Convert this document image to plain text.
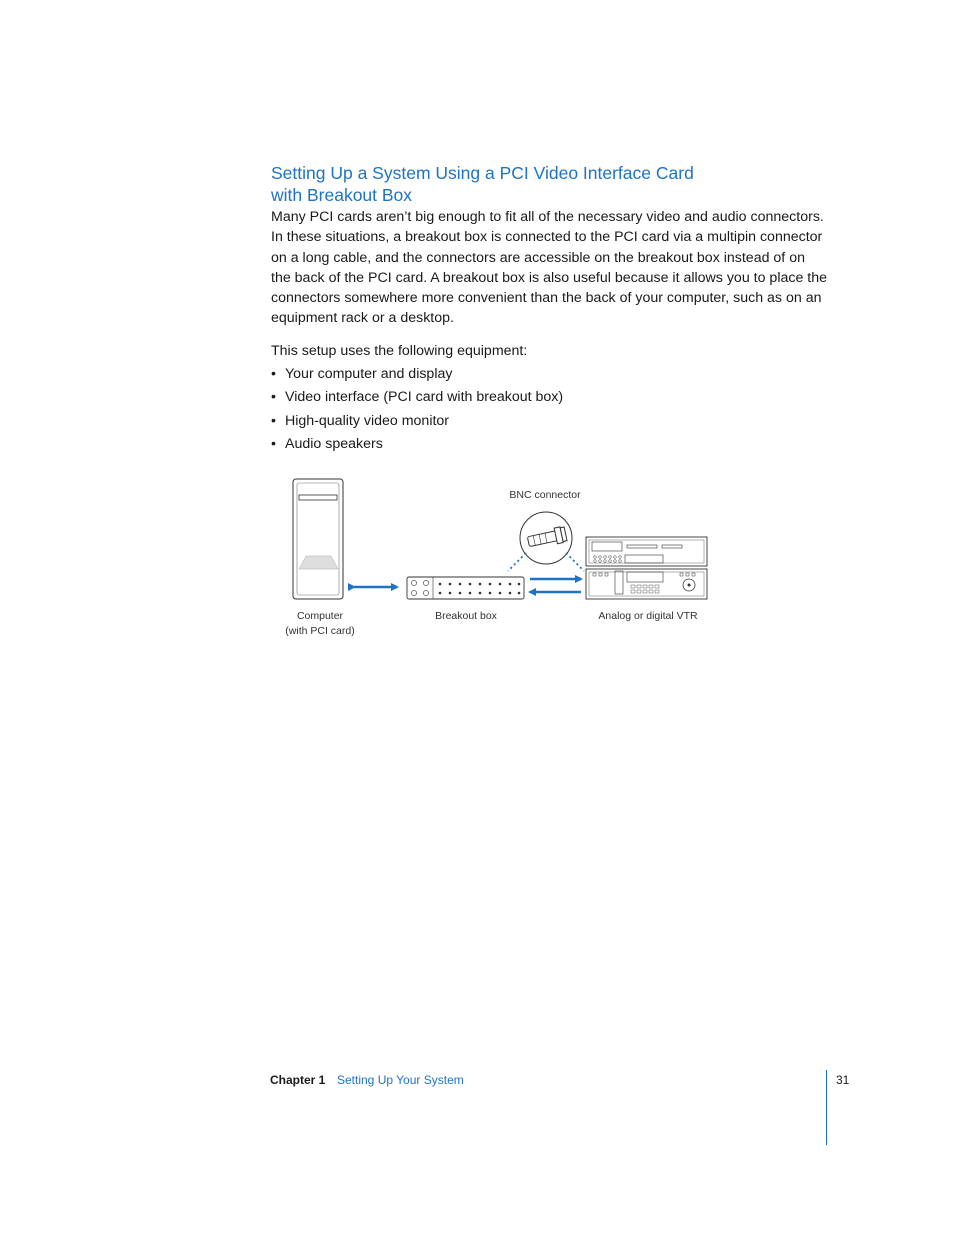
Setting Up a System Using a PCI Video Interface Card
with Breakout Box

Many PCI cards aren’t big enough to fit all of the necessary video and audio connectors. In these situations, a breakout box is connected to the PCI card via a multipin connector on a long cable, and the connectors are accessible on the breakout box instead of on the back of the PCI card. A breakout box is also useful because it allows you to place the connectors somewhere more convenient than the back of your computer, such as on an equipment rack or a desktop.

This setup uses the following equipment:

• Your computer and display
• Video interface (PCI card with breakout box)
• High-quality video monitor
• Audio speakers
BNC connector
Computer
(with PCI card)
Breakout box	Analog or digital VTR
Chapter 1 Setting Up Your System	31
